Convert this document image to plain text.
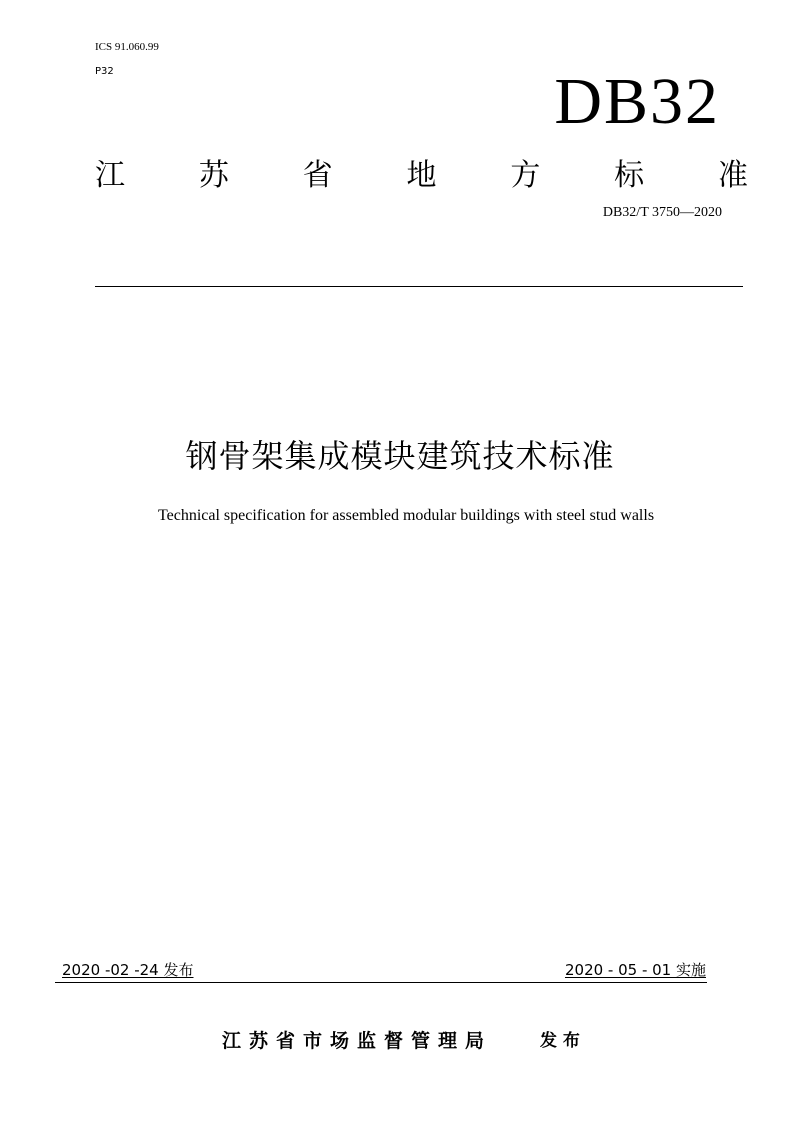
ICS 91.060.99
P32	DB32
江 苏 省 地 方 标 准
DB32/T 3750—2020
钢骨架集成模块建筑技术标准
Technical specification for assembled modular buildings with steel stud walls
2020 -02 -24 发布	2020 - 05 - 01 实施
江苏省市场监督管理局	发 布
